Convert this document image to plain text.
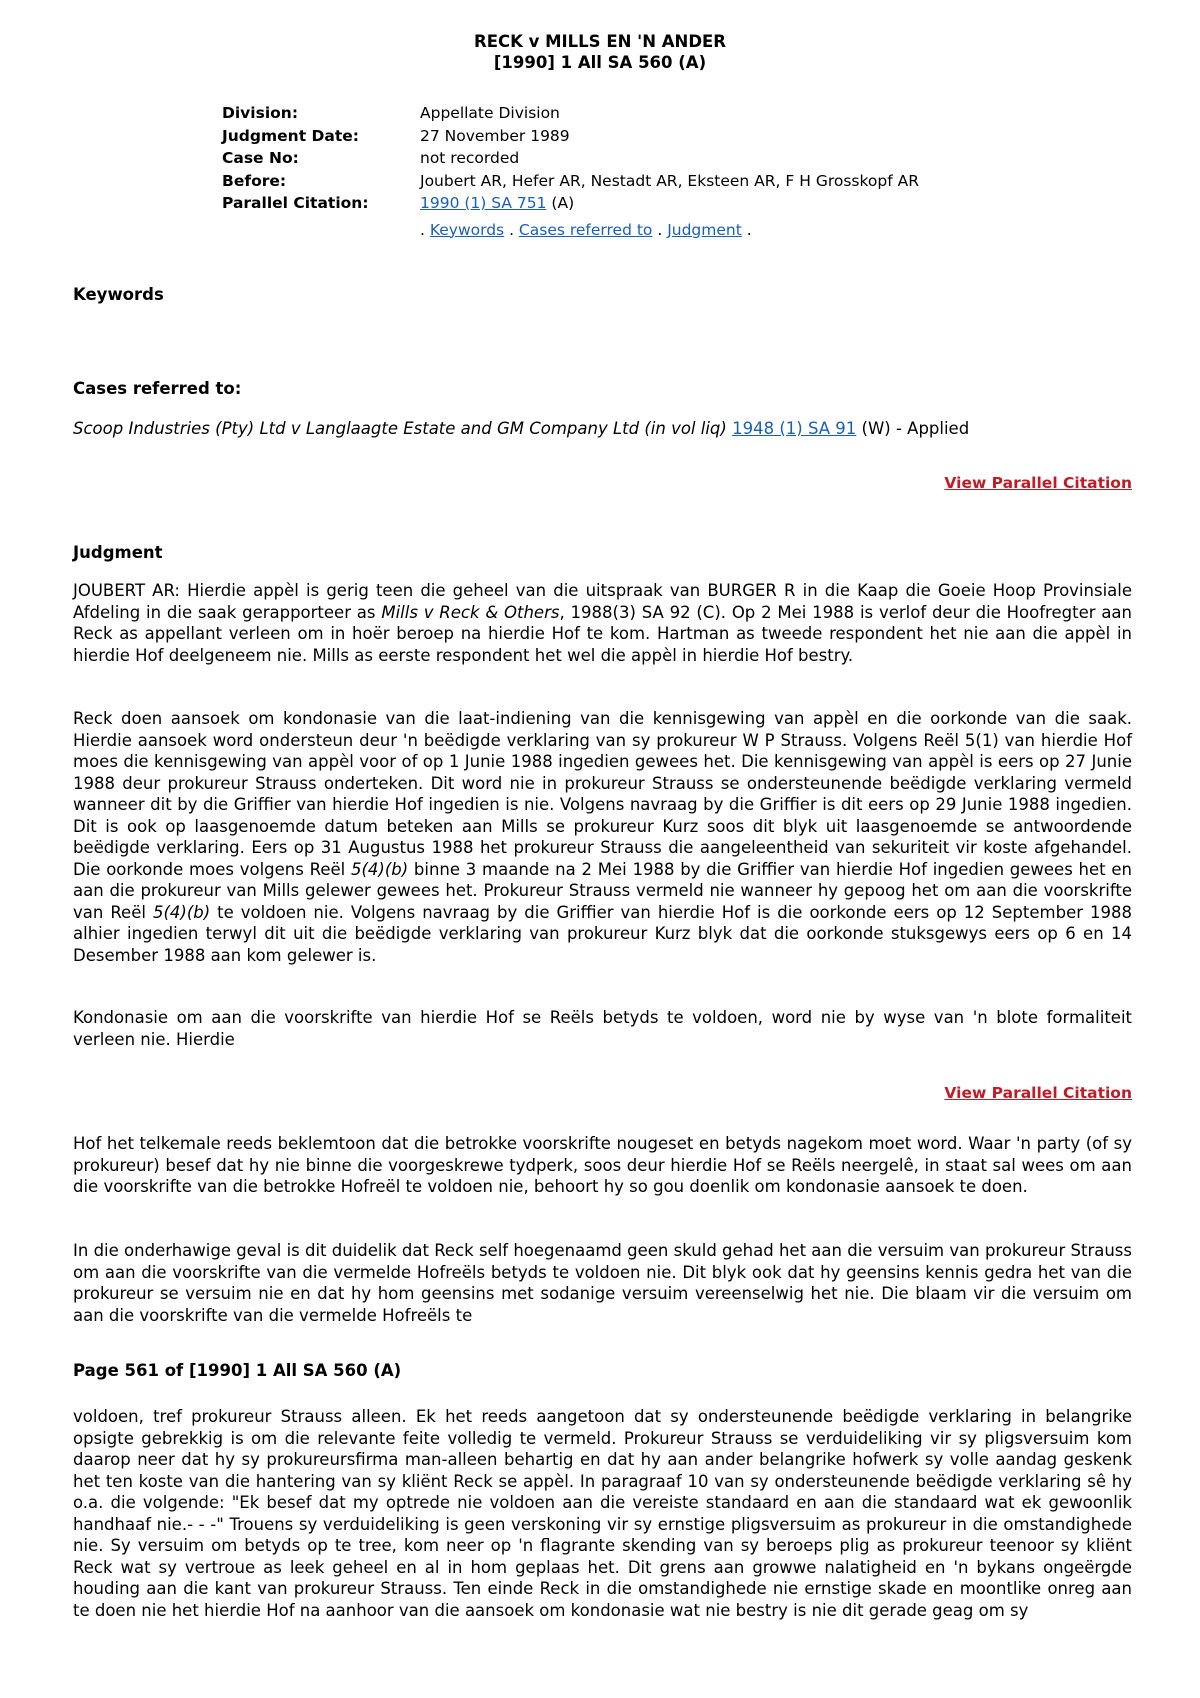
RECK v MILLS EN 'N ANDER
[1990] 1 All SA 560 (A)
Division:	Appellate Division
Judgment Date:	27 November 1989
Case No:	not recorded
Before:	Joubert AR, Hefer AR, Nestadt AR, Eksteen AR, F H Grosskopf AR
Parallel Citation:	1990 (1) SA 751 (A)
. Keywords . Cases referred to . Judgment .
Keywords
Cases referred to:
Scoop Industries (Pty) Ltd v Langlaagte Estate and GM Company Ltd (in vol liq) 1948 (1) SA 91 (W) - Applied
View Parallel Citation
Judgment

JOUBERT AR: Hierdie appèl is gerig teen die geheel van die uitspraak van BURGER R in die Kaap die Goeie Hoop Provinsiale Afdeling in die saak gerapporteer as Mills v Reck & Others, 1988(3) SA 92 (C). Op 2 Mei 1988 is verlof deur die Hoofregter aan Reck as appellant verleen om in hoër beroep na hierdie Hof te kom. Hartman as tweede respondent het nie aan die appèl in hierdie Hof deelgeneem nie. Mills as eerste respondent het wel die appèl in hierdie Hof bestry.

Reck doen aansoek om kondonasie van die laat-indiening van die kennisgewing van appèl en die oorkonde van die saak. Hierdie aansoek word ondersteun deur 'n beëdigde verklaring van sy prokureur W P Strauss. Volgens Reël 5(1) van hierdie Hof moes die kennisgewing van appèl voor of op 1 Junie 1988 ingedien gewees het. Die kennisgewing van appèl is eers op 27 Junie 1988 deur prokureur Strauss onderteken. Dit word nie in prokureur Strauss se ondersteunende beëdigde verklaring vermeld wanneer dit by die Griffier van hierdie Hof ingedien is nie. Volgens navraag by die Griffier is dit eers op 29 Junie 1988 ingedien. Dit is ook op laasgenoemde datum beteken aan Mills se prokureur Kurz soos dit blyk uit laasgenoemde se antwoordende beëdigde verklaring. Eers op 31 Augustus 1988 het prokureur Strauss die aangeleentheid van sekuriteit vir koste afgehandel. Die oorkonde moes volgens Reël 5(4)(b) binne 3 maande na 2 Mei 1988 by die Griffier van hierdie Hof ingedien gewees het en aan die prokureur van Mills gelewer gewees het. Prokureur Strauss vermeld nie wanneer hy gepoog het om aan die voorskrifte van Reël 5(4)(b) te voldoen nie. Volgens navraag by die Griffier van hierdie Hof is die oorkonde eers op 12 September 1988 alhier ingedien terwyl dit uit die beëdigde verklaring van prokureur Kurz blyk dat die oorkonde stuksgewys eers op 6 en 14 Desember 1988 aan kom gelewer is.

Kondonasie om aan die voorskrifte van hierdie Hof se Reëls betyds te voldoen, word nie by wyse van 'n blote formaliteit verleen nie. Hierdie

View Parallel Citation

Hof het telkemale reeds beklemtoon dat die betrokke voorskrifte nougeset en betyds nagekom moet word. Waar 'n party (of sy prokureur) besef dat hy nie binne die voorgeskrewe tydperk, soos deur hierdie Hof se Reëls neergelê, in staat sal wees om aan die voorskrifte van die betrokke Hofreël te voldoen nie, behoort hy so gou doenlik om kondonasie aansoek te doen.

In die onderhawige geval is dit duidelik dat Reck self hoegenaamd geen skuld gehad het aan die versuim van prokureur Strauss om aan die voorskrifte van die vermelde Hofreëls betyds te voldoen nie. Dit blyk ook dat hy geensins kennis gedra het van die prokureur se versuim nie en dat hy hom geensins met sodanige versuim vereenselwig het nie. Die blaam vir die versuim om aan die voorskrifte van die vermelde Hofreëls te

Page 561 of [1990] 1 All SA 560 (A)

voldoen, tref prokureur Strauss alleen. Ek het reeds aangetoon dat sy ondersteunende beëdigde verklaring in belangrike opsigte gebrekkig is om die relevante feite volledig te vermeld. Prokureur Strauss se verduideliking vir sy pligsversuim kom daarop neer dat hy sy prokureursfirma man-alleen behartig en dat hy aan ander belangrike hofwerk sy volle aandag geskenk het ten koste van die hantering van sy kliënt Reck se appèl. In paragraaf 10 van sy ondersteunende beëdigde verklaring sê hy o.a. die volgende: "Ek besef dat my optrede nie voldoen aan die vereiste standaard en aan die standaard wat ek gewoonlik handhaaf nie.- - -" Trouens sy verduideliking is geen verskoning vir sy ernstige pligsversuim as prokureur in die omstandighede nie. Sy versuim om betyds op te tree, kom neer op 'n flagrante skending van sy beroeps plig as prokureur teenoor sy kliënt Reck wat sy vertroue as leek geheel en al in hom geplaas het. Dit grens aan growwe nalatigheid en 'n bykans ongeërgde houding aan die kant van prokureur Strauss. Ten einde Reck in die omstandighede nie ernstige skade en moontlike onreg aan te doen nie het hierdie Hof na aanhoor van die aansoek om kondonasie wat nie bestry is nie dit gerade geag om sy
